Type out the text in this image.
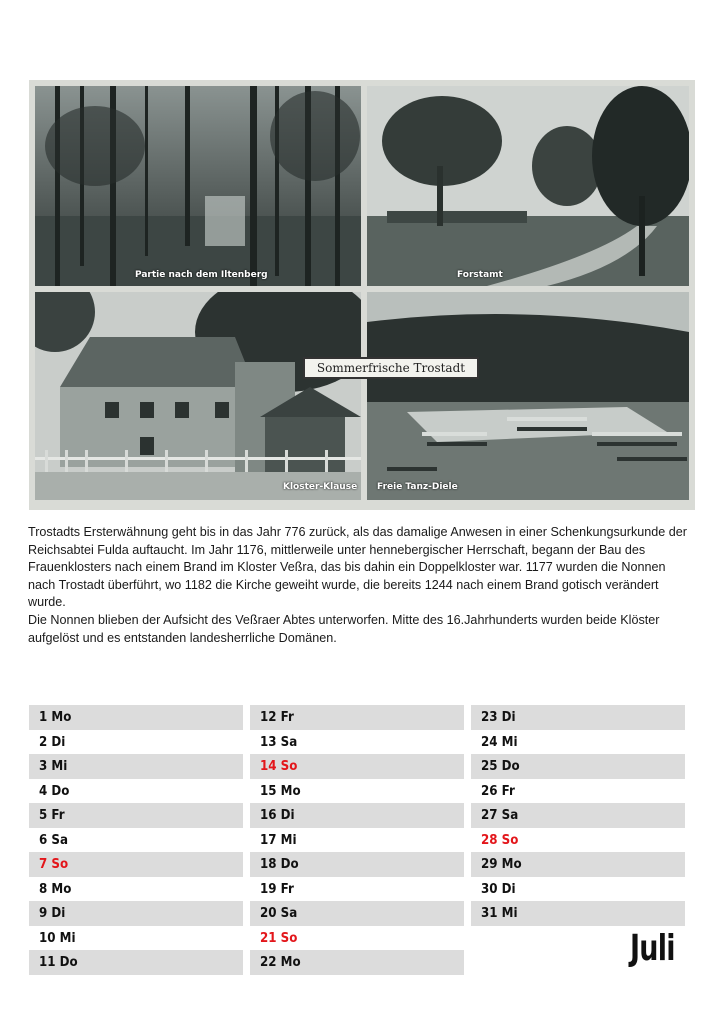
Partie nach dem Iltenberg	Forstamt
Kloster-Klause Freie Tanz-Diele
Sommerfrische Trostadt

Trostadts Ersterwähnung geht bis in das Jahr 776 zurück, als das damalige Anwesen in einer Schenkungsurkunde der Reichsabtei Fulda auftaucht. Im Jahr 1176, mittlerweile unter hennebergischer Herrschaft, begann der Bau des Frauenklosters nach einem Brand im Kloster Veßra, das bis dahin ein Doppelkloster war. 1177 wurden die Nonnen nach Trostadt überführt, wo 1182 die Kirche geweiht wurde, die bereits 1244 nach einem Brand gotisch verändert wurde.

Die Nonnen blieben der Aufsicht des Veßraer Abtes unterworfen. Mitte des 16.Jahrhunderts wurden beide Klöster aufgelöst und es entstanden landesherrliche Domänen.

1 Mo
2 Di
3 Mi
4 Do
5 Fr
6 Sa
7 So
8 Mo
9 Di
10 Mi
11 Do
12 Fr
13 Sa
14 So
15 Mo
16 Di
17 Mi
18 Do
19 Fr
20 Sa
21 So
22 Mo
23 Di
24 Mi
25 Do
26 Fr
27 Sa
28 So
29 Mo
30 Di
31 Mi
Juli
